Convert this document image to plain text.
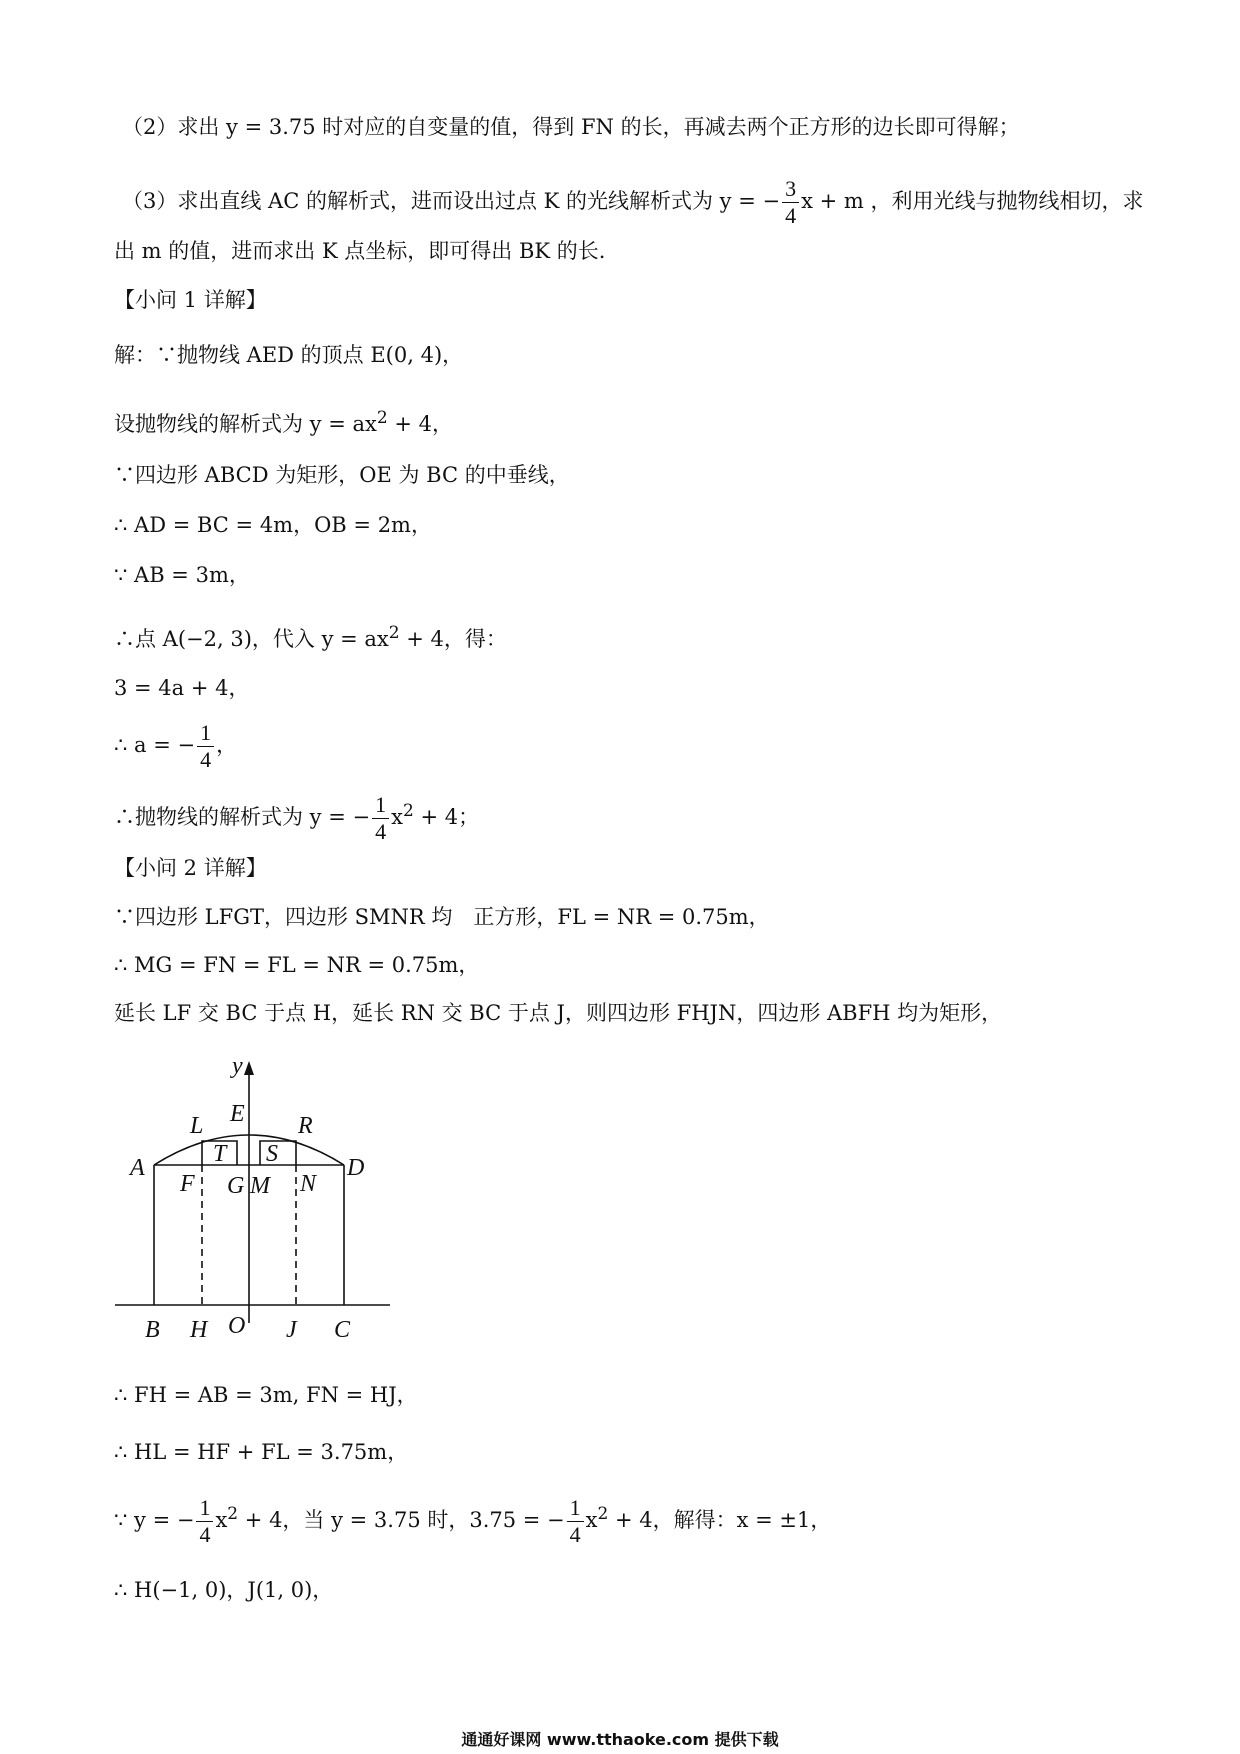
（2）求出 y = 3.75 时对应的自变量的值，得到 FN 的长，再减去两个正方形的边长即可得解；
（3）求出直线 AC 的解析式，进而设出过点 K 的光线解析式为 y = − $\frac{3}{4}$ x + m ，利用光线与抛物线相切，求
出 m 的值，进而求出 K 点坐标，即可得出 BK 的长.
【小问 1 详解】
解：∵抛物线 AED 的顶点 E(0, 4)，
设抛物线的解析式为 $y = ax^2 + 4$，
∵四边形 ABCD 为矩形，OE 为 BC 的中垂线，
∴ AD = BC = 4m，OB = 2m，
∵ AB = 3m，
∴点 A(−2, 3)，代入 $y = ax^2 + 4$，得：
3 = 4a + 4，
∴ a = − $\frac{1}{4}$ ，
∴抛物线的解析式为 y = − $\frac{1}{4} x^2 + 4$；
【小问 2 详解】
∵四边形 LFGT，四边形 SMNR 均　正方形，FL = NR = 0.75m，
∴ MG = FN = FL = NR = 0.75m，
延长 LF 交 BC 于点 H，延长 RN 交 BC 于点 J，则四边形 FHJN，四边形 ABFH 均为矩形，
y
L E R
A	D
T S
F G M N
B H O J C
∴ FH = AB = 3m, FN = HJ，
∴ HL = HF + FL = 3.75m，
∵ y = − $\frac{1}{4} x^2 + 4$，当 y = 3.75 时，3.75 = − $\frac{1}{4} x^2 + 4$，解得：x = ±1，
∴ H(−1, 0)，J(1, 0)，
通通好课网 www.tthaoke.com 提供下载
